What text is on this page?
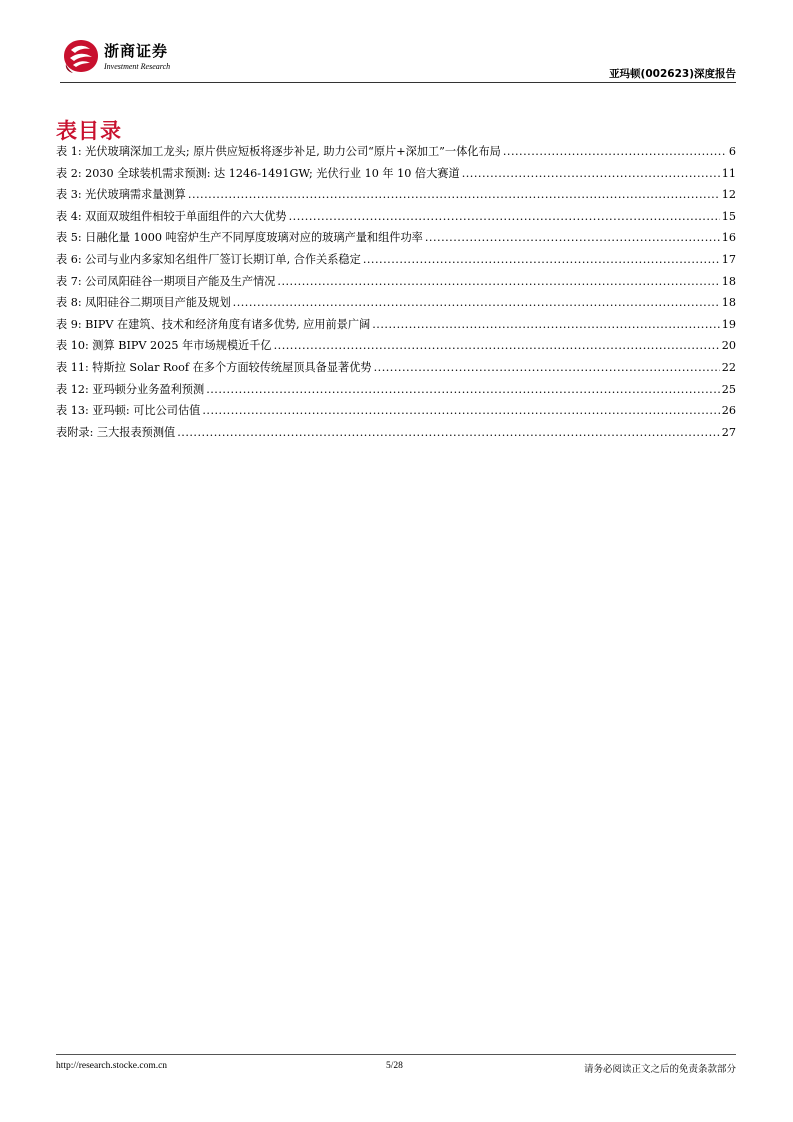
浙商证券
Investment Research
亚玛顿(002623)深度报告
表目录
表 1: 光伏玻璃深加工龙头; 原片供应短板将逐步补足, 助力公司“原片+深加工”一体化布局 .....	6
表 2: 2030 全球装机需求预测: 达 1246-1491GW; 光伏行业 10 年 10 倍大赛道 .....	11
表 3: 光伏玻璃需求量测算 .....	12
表 4: 双面双玻组件相较于单面组件的六大优势 .....	15
表 5: 日融化量 1000 吨窑炉生产不同厚度玻璃对应的玻璃产量和组件功率 .....	16
表 6: 公司与业内多家知名组件厂签订长期订单, 合作关系稳定 .....	17
表 7: 公司凤阳硅谷一期项目产能及生产情况 .....	18
表 8: 凤阳硅谷二期项目产能及规划 .....	18
表 9: BIPV 在建筑、技术和经济角度有诸多优势, 应用前景广阔 .....	19
表 10: 测算 BIPV 2025 年市场规模近千亿 .....	20
表 11: 特斯拉 Solar Roof 在多个方面较传统屋顶具备显著优势 .....	22
表 12: 亚玛顿分业务盈利预测 .....	25
表 13: 亚玛顿: 可比公司估值 .....	26
表附录: 三大报表预测值 .....	27
http://research.stocke.com.cn	5/28	请务必阅读正文之后的免责条款部分
